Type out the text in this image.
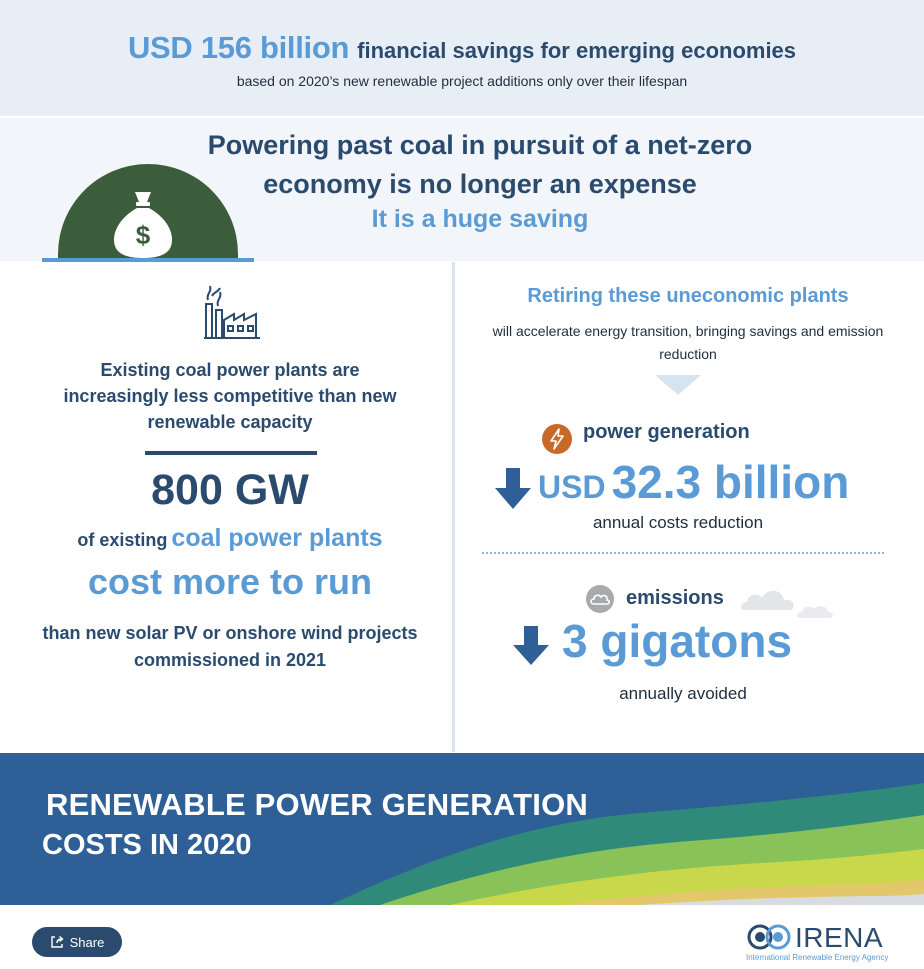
USD 156 billion financial savings for emerging economies
based on 2020’s new renewable project additions only over their lifespan
$
Powering past coal in pursuit of a net-zero
economy is no longer an expense
It is a huge saving
Existing coal power plants are increasingly less competitive than new renewable capacity
800 GW
of existing coal power plants
cost more to run
than new solar PV or onshore wind projects commissioned in 2021
Retiring these uneconomic plants
will accelerate energy transition, bringing savings and emission reduction
power generation
USD 32.3 billion
annual costs reduction
emissions
3 gigatons
annually avoided
RENEWABLE POWER GENERATION
COSTS IN 2020
Share	IRENA
International Renewable Energy Agency
